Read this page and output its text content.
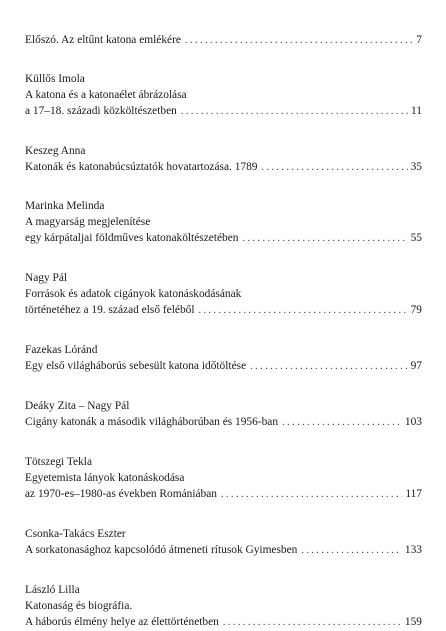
Előszó. Az eltűnt katona emlékére . . .	7
Küllős Imola
A katona és a katonaélet ábrázolása
a 17–18. századi közköltészetben . . .	11
Keszeg Anna
Katonák és katonabúcsúztatók hovatartozása. 1789 . . .	35
Marinka Melinda
A magyarság megjelenítése
egy kárpátaljai földműves katonaköltészetében . . .	55
Nagy Pál
Források és adatok cigányok katonáskodásának
történetéhez a 19. század első feléből . . .	79
Fazekas Lóránd
Egy első világháborús sebesült katona időtöltése . . .	97
Deáky Zita – Nagy Pál
Cigány katonák a második világháborúban és 1956-ban . . .	103
Tötszegi Tekla
Egyetemista lányok katonáskodása
az 1970-es–1980-as években Romániában . . .	117
Csonka-Takács Eszter
A sorkatonasághoz kapcsolódó átmeneti rítusok Gyimesben . . .	133
László Lilla
Katonaság és biográfia.
A háborús élmény helye az élettörténetben . . .	159
